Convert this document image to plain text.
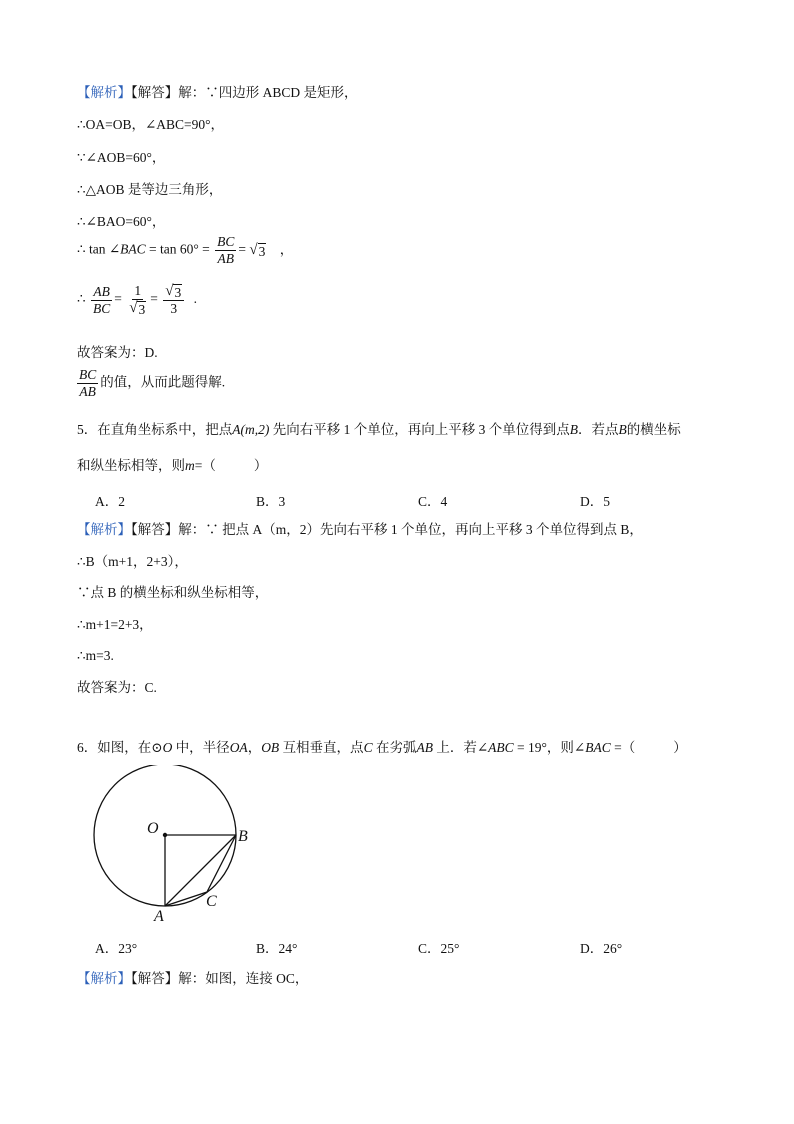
【解析】【解答】解：∵四边形 ABCD 是矩形，
∴OA=OB，∠ABC=90°，
∵∠AOB=60°，
∴△AOB 是等边三角形，
∴∠BAO=60°，
∴ tan ∠BAC = $\tan 60^\circ = \frac{BC}{AB}$ = √ 3 ，
∴ $\frac{AB}{BC} = \frac{1}{√ 3} = \frac{√ 3}{3}$ .
故答案为：D.
$\frac{BC}{AB}$ 的值，从而此题得解.
5．在直角坐标系中，把点A(m,2) 先向右平移 1 个单位，再向上平移 3 个单位得到点B．若点B的横坐标
和纵坐标相等，则m=（	）
A．2	B．3	C．4	D．5
【解析】【解答】解：∵ 把点 A（m，2）先向右平移 1 个单位，再向上平移 3 个单位得到点 B，
∴B（m+1，2+3），
∵点 B 的横坐标和纵坐标相等，
∴m+1=2+3，
∴m=3.
故答案为：C.
6．如图，在⊙O 中，半径OA，OB 互相垂直，点C 在劣弧AB 上．若∠ABC = 19°，则∠BAC =（	）
O	B
C
A
A．23°	B．24°	C．25°	D．26°
【解析】【解答】解：如图，连接 OC，
